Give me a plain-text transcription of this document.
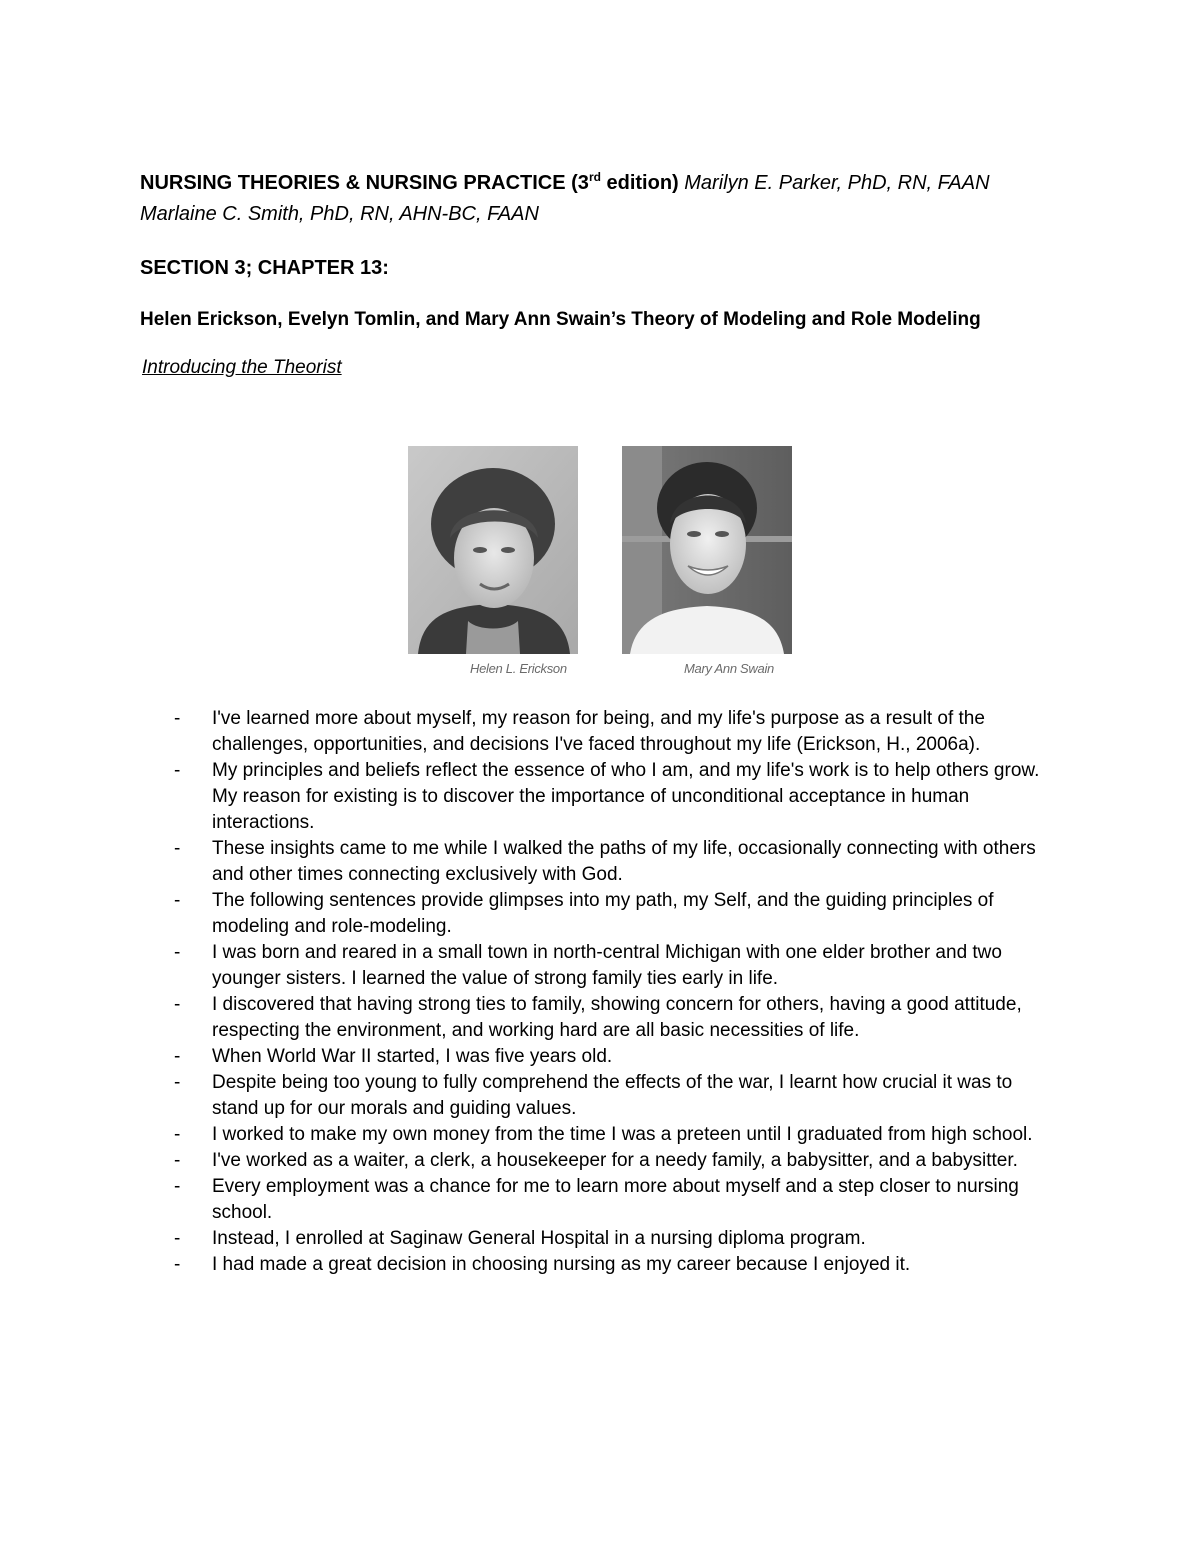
NURSING THEORIES & NURSING PRACTICE (3rd edition) Marilyn E. Parker, PhD, RN, FAAN Marlaine C. Smith, PhD, RN, AHN-BC, FAAN

SECTION 3; CHAPTER 13:
Helen Erickson, Evelyn Tomlin, and Mary Ann Swain’s Theory of Modeling and Role Modeling
Introducing the Theorist
Helen L. Erickson	Mary Ann Swain
- I've learned more about myself, my reason for being, and my life's purpose as a result of the challenges, opportunities, and decisions I've faced throughout my life (Erickson, H., 2006a).
- My principles and beliefs reflect the essence of who I am, and my life's work is to help others grow. My reason for existing is to discover the importance of unconditional acceptance in human interactions.
- These insights came to me while I walked the paths of my life, occasionally connecting with others and other times connecting exclusively with God.
- The following sentences provide glimpses into my path, my Self, and the guiding principles of modeling and role-modeling.
- I was born and reared in a small town in north-central Michigan with one elder brother and two younger sisters. I learned the value of strong family ties early in life.
- I discovered that having strong ties to family, showing concern for others, having a good attitude, respecting the environment, and working hard are all basic necessities of life.
- When World War II started, I was five years old.
- Despite being too young to fully comprehend the effects of the war, I learnt how crucial it was to stand up for our morals and guiding values.
- I worked to make my own money from the time I was a preteen until I graduated from high school.
- I've worked as a waiter, a clerk, a housekeeper for a needy family, a babysitter, and a babysitter.
- Every employment was a chance for me to learn more about myself and a step closer to nursing school.
- Instead, I enrolled at Saginaw General Hospital in a nursing diploma program.
- I had made a great decision in choosing nursing as my career because I enjoyed it.
